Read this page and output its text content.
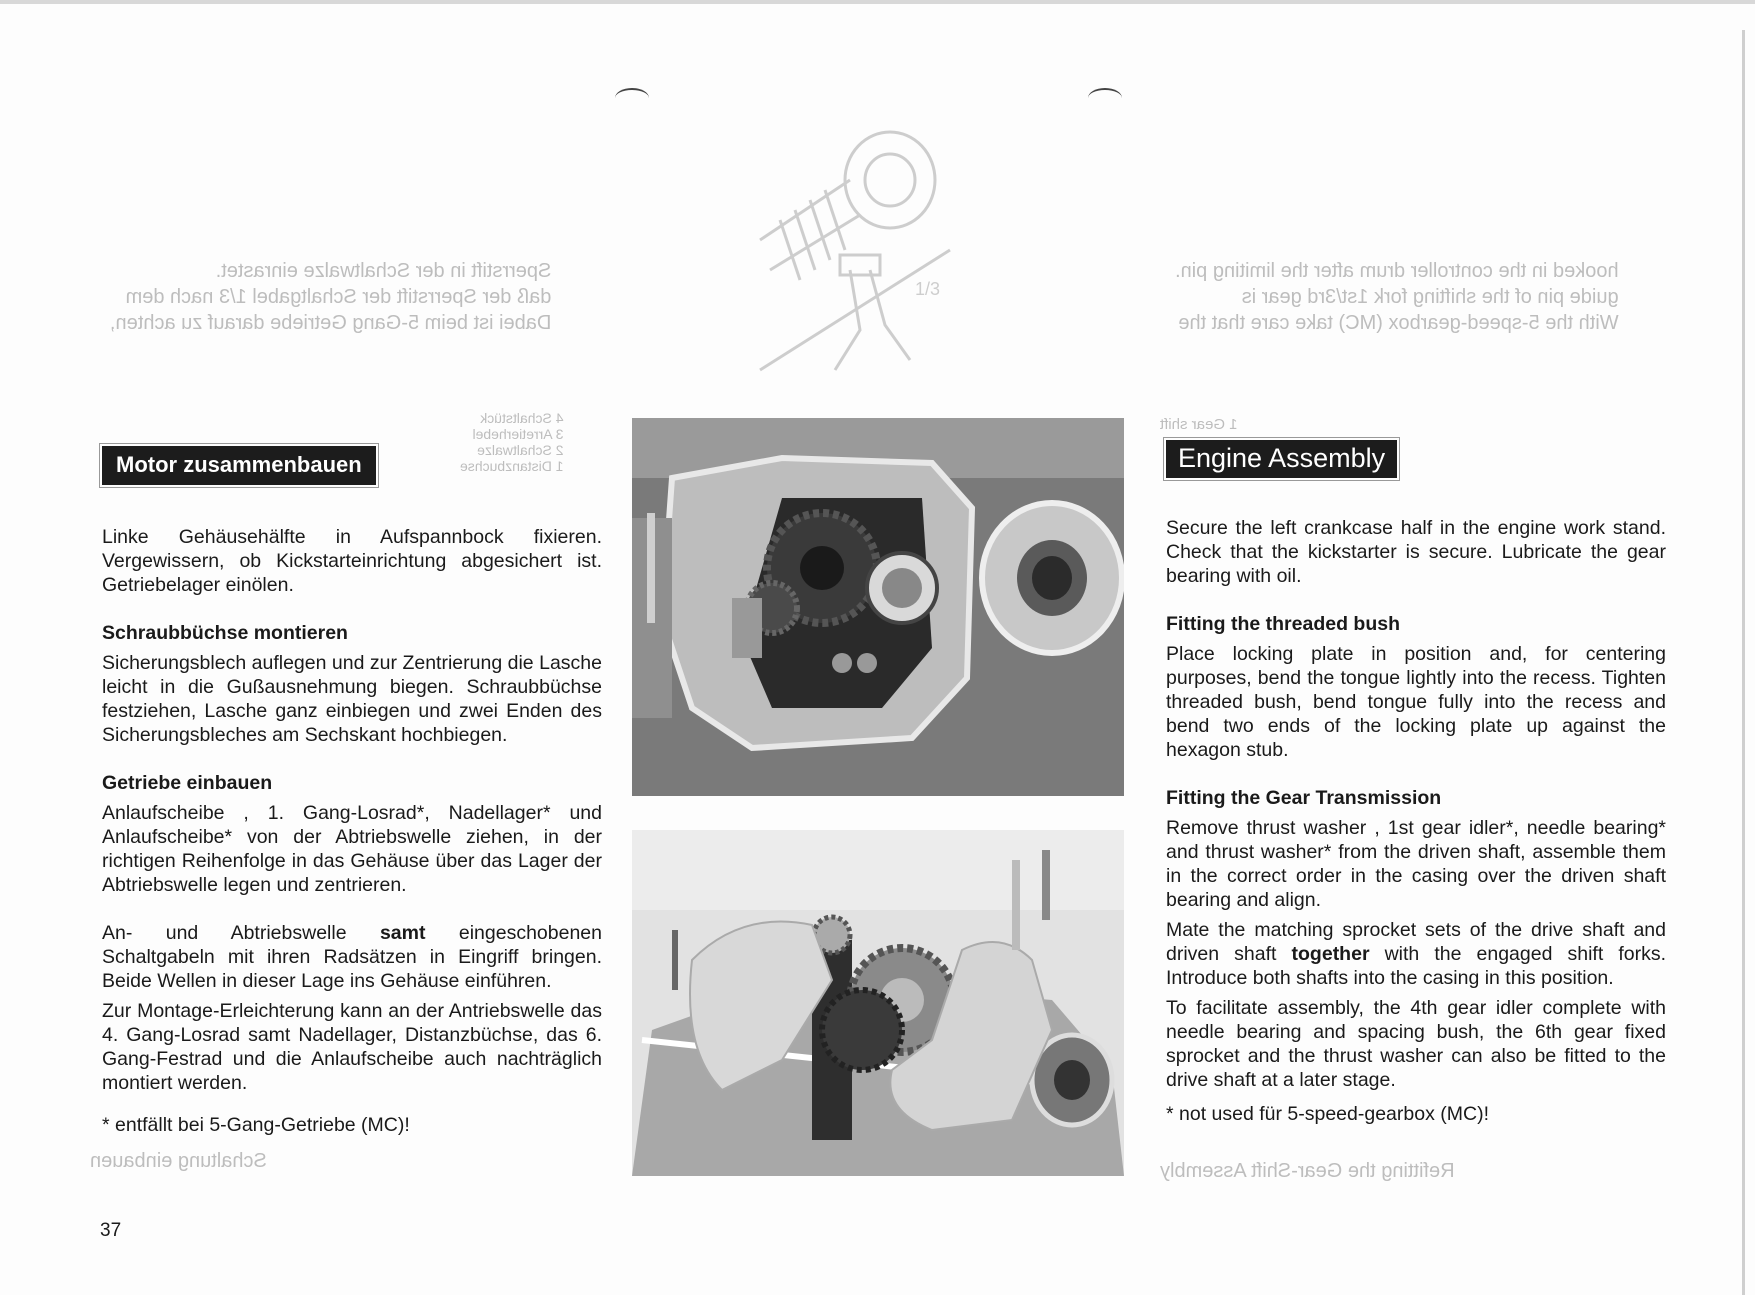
1/3
Sperrstift in der Schaltwalze einrastet.
daß der Sperrstift der Schaltgabel 1/3 nach dem
Dabei ist beim 5-Gang Getriebe darauf zu achten,
hooked in the controller drum after the limiting pin.
guide pin of the shifting fork 1st/3rd gear is
With the 5-speed-gearbox (MC) take care that the
4 Schaltstück
3 Arretierhebel
2 Schaltwalze
1 Distanzbuchse
1 Gear shift
Schaltung einbauen	Refitting the Gear-Shift Assembly
Motor zusammenbauen

Linke Gehäusehälfte in Aufspannbock fixieren. Vergewissern, ob Kickstarteinrichtung abgesichert ist. Getriebelager einölen.

Schraubbüchse montieren

Sicherungsblech auflegen und zur Zentrierung die Lasche leicht in die Gußausnehmung biegen. Schraubbüchse festziehen, Lasche ganz einbiegen und zwei Enden des Sicherungsbleches am Sechskant hochbiegen.

Getriebe einbauen

Anlaufscheibe , 1. Gang-Losrad*, Nadellager* und Anlaufscheibe* von der Abtriebswelle ziehen, in der richtigen Reihenfolge in das Gehäuse über das Lager der Abtriebswelle legen und zentrieren.

An- und Abtriebswelle samt eingeschobenen Schaltgabeln mit ihren Radsätzen in Eingriff bringen. Beide Wellen in dieser Lage ins Gehäuse einführen.

Zur Montage-Erleichterung kann an der Antriebswelle das 4. Gang-Losrad samt Nadellager, Distanzbüchse, das 6. Gang-Festrad und die Anlaufscheibe auch nachträglich montiert werden.

* entfällt bei 5-Gang-Getriebe (MC)!

Engine Assembly

Secure the left crankcase half in the engine work stand. Check that the kickstarter is secure. Lubricate the gear bearing with oil.

Fitting the threaded bush

Place locking plate in position and, for centering purposes, bend the tongue lightly into the recess. Tighten threaded bush, bend tongue fully into the recess and bend two ends of the locking plate up against the hexagon stub.

Fitting the Gear Transmission

Remove thrust washer , 1st gear idler*, needle bearing* and thrust washer* from the driven shaft, assemble them in the correct order in the casing over the driven shaft bearing and align.

Mate the matching sprocket sets of the drive shaft and driven shaft together with the engaged shift forks. Introduce both shafts into the casing in this position.

To facilitate assembly, the 4th gear idler complete with needle bearing and spacing bush, the 6th gear fixed sprocket and the thrust washer can also be fitted to the drive shaft at a later stage.

* not used für 5-speed-gearbox (MC)!

37
